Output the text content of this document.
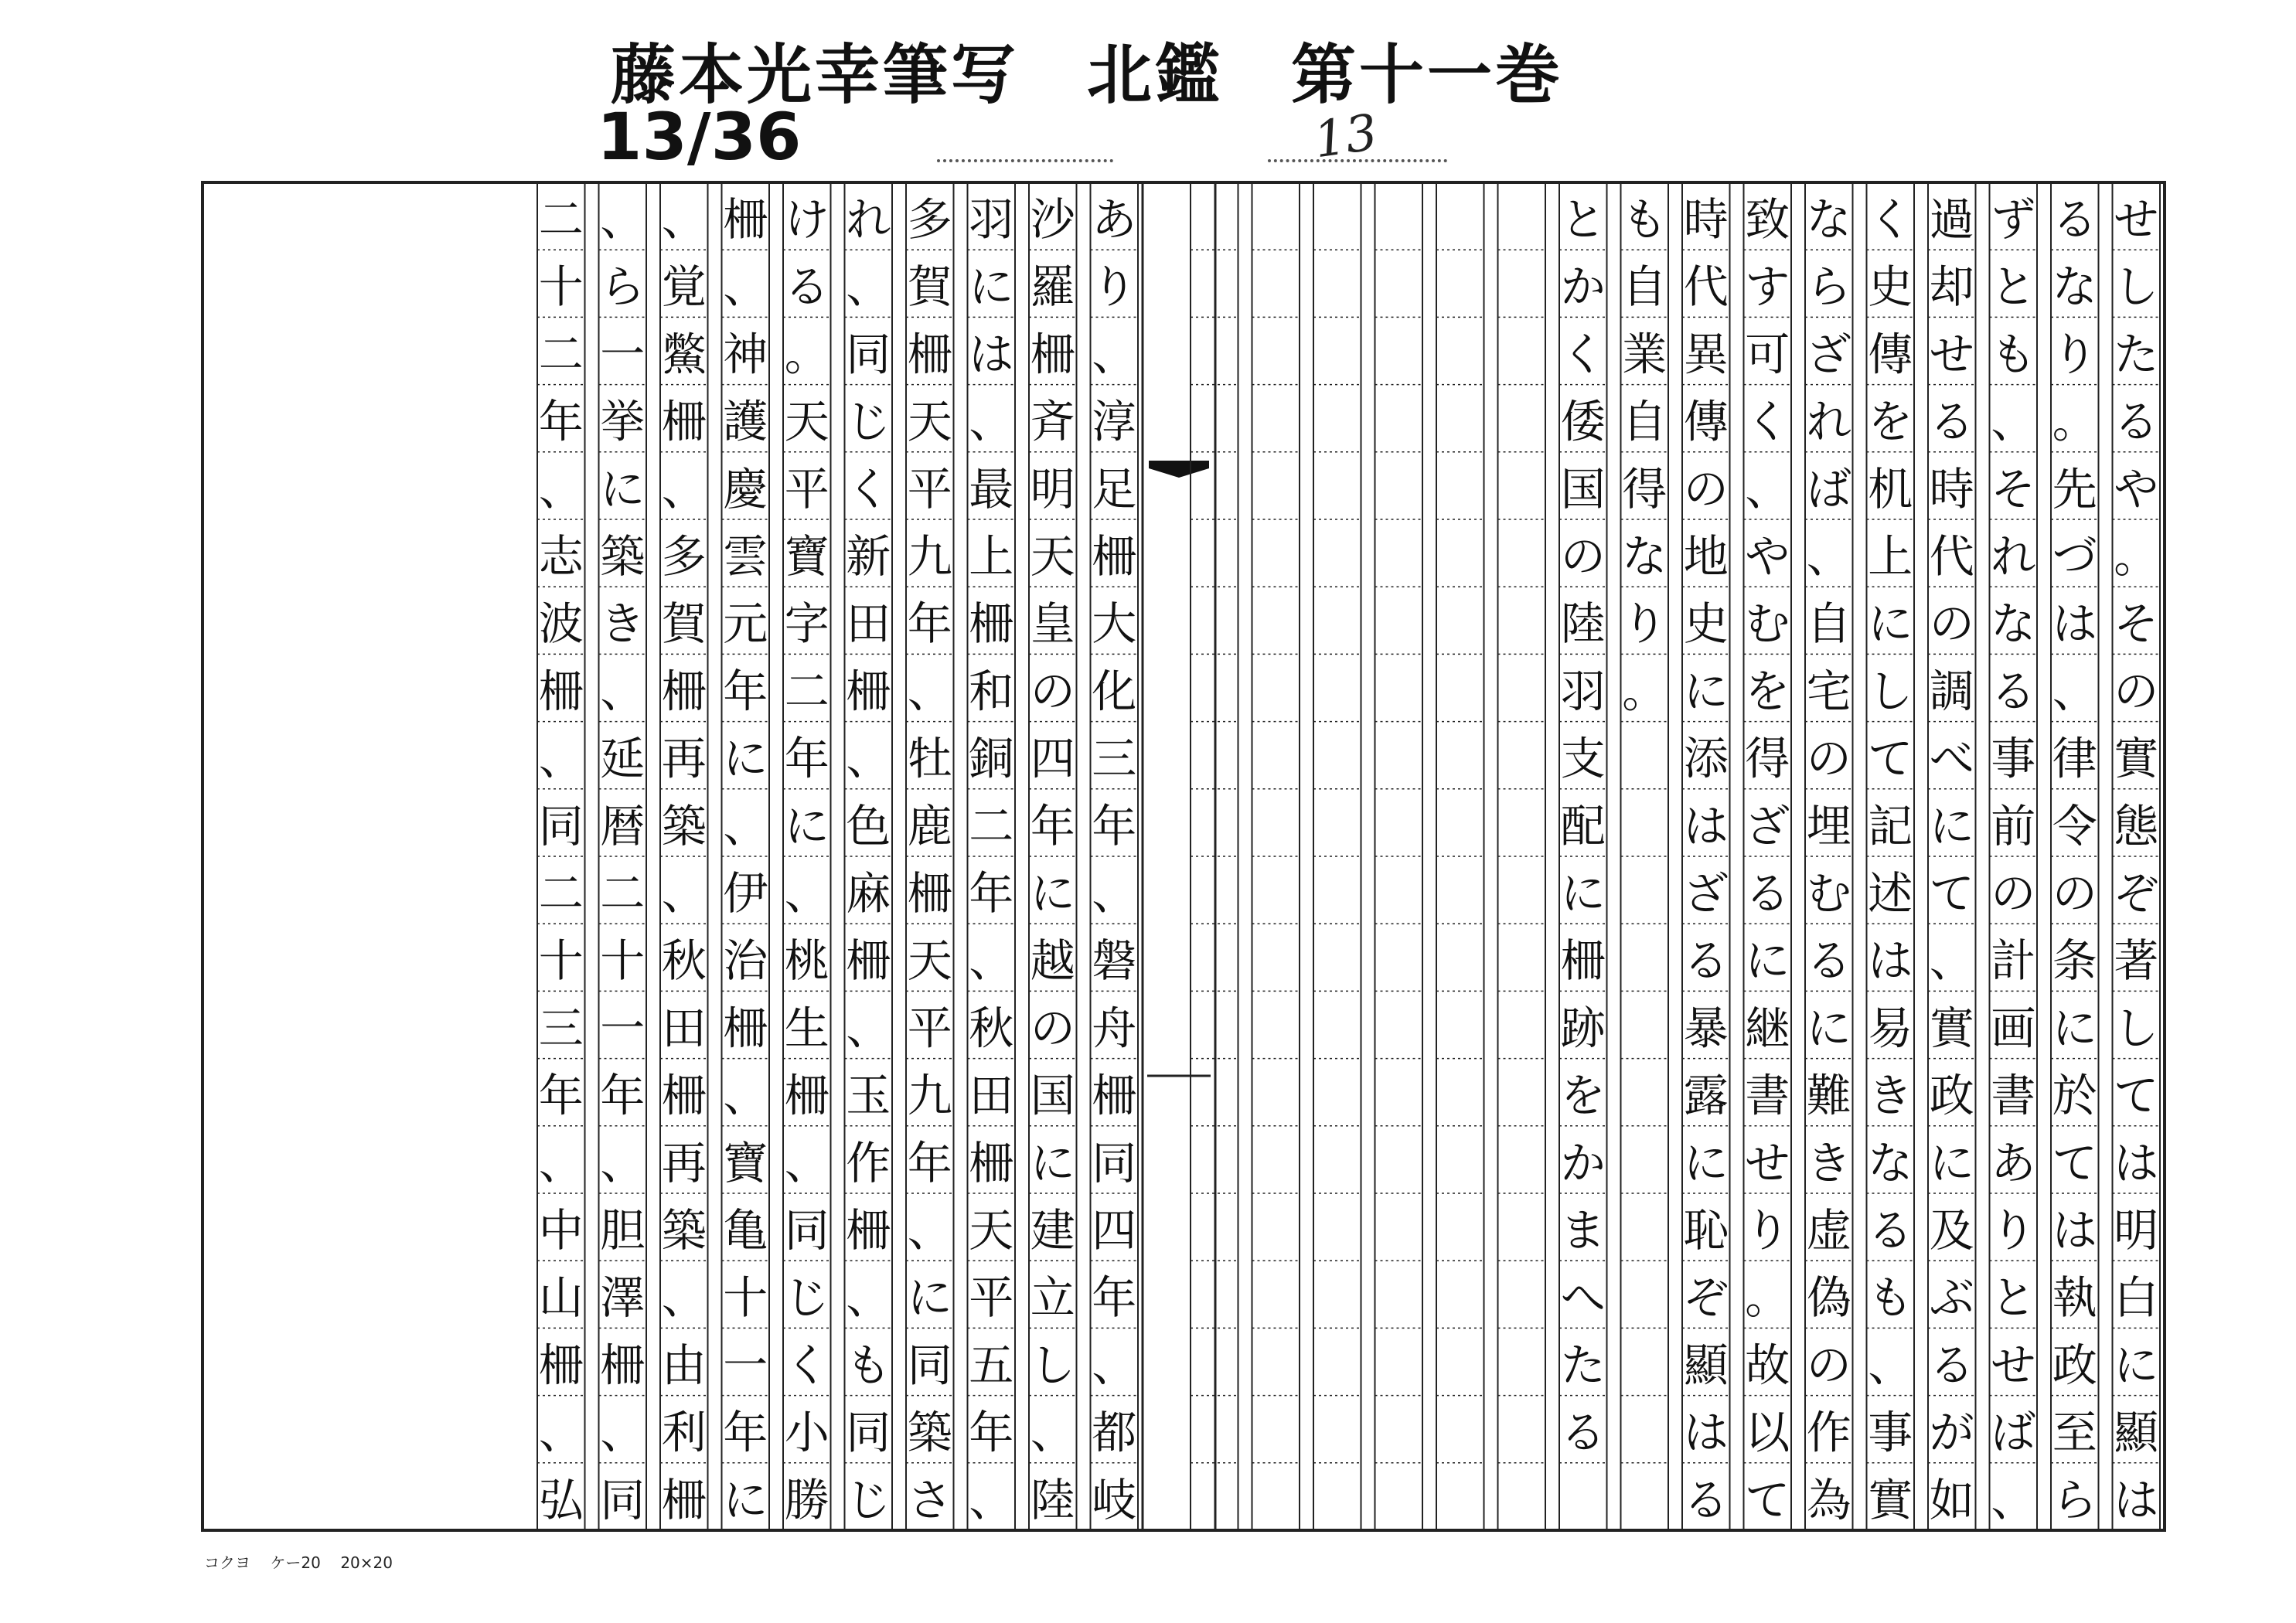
藤本光幸筆写　北鑑　第十一巻
13/36	13
せ
し
た
る
や
。
そ
の
實
態
ぞ
著
し
て
は
明
白
に
顯
は
る
な
り
。
先
づ
は
、
律
令
の
条
に
於
て
は
執
政
至
ら
ず
と
も
、
そ
れ
な
る
事
前
の
計
画
書
あ
り
と
せ
ば
、
過
却
せ
る
時
代
の
調
べ
に
て
、
實
政
に
及
ぶ
る
が
如
く
史
傳
を
机
上
に
し
て
記
述
は
易
き
な
る
も
、
事
實
な
ら
ざ
れ
ば
、
自
宅
の
埋
む
る
に
難
き
虚
偽
の
作
為
致
す
可
く
、
や
む
を
得
ざ
る
に
継
書
せ
り
。
故
以
て
時
代
異
傳
の
地
史
に
添
は
ざ
る
暴
露
に
恥
ぞ
顯
は
る
も
自
業
自
得
な
り
。
と
か
く
倭
国
の
陸
羽
支
配
に
柵
跡
を
か
ま
へ
た
る
あ
り
、
淳
足
柵
大
化
三
年
、
磐
舟
柵
同
四
年
、
都
岐
沙
羅
柵
斉
明
天
皇
の
四
年
に
越
の
国
に
建
立
し
、
陸
羽
に
は
、
最
上
柵
和
銅
二
年
、
秋
田
柵
天
平
五
年
、
多
賀
柵
天
平
九
年
、
牡
鹿
柵
天
平
九
年
、
に
同
築
さ
れ
、
同
じ
く
新
田
柵
、
色
麻
柵
、
玉
作
柵
、
も
同
じ
け
る
。
天
平
寶
字
二
年
に
、
桃
生
柵
、
同
じ
く
小
勝
柵
、
神
護
慶
雲
元
年
に
、
伊
治
柵
、
寶
亀
十
一
年
に
、
覚
鱉
柵
、
多
賀
柵
再
築
、
秋
田
柵
再
築
、
由
利
柵
、
ら
一
挙
に
築
き
、
延
暦
二
十
一
年
、
胆
澤
柵
、
同
二
十
二
年
、
志
波
柵
、
同
二
十
三
年
、
中
山
柵
、
弘
コクヨ ケー20 20×20
